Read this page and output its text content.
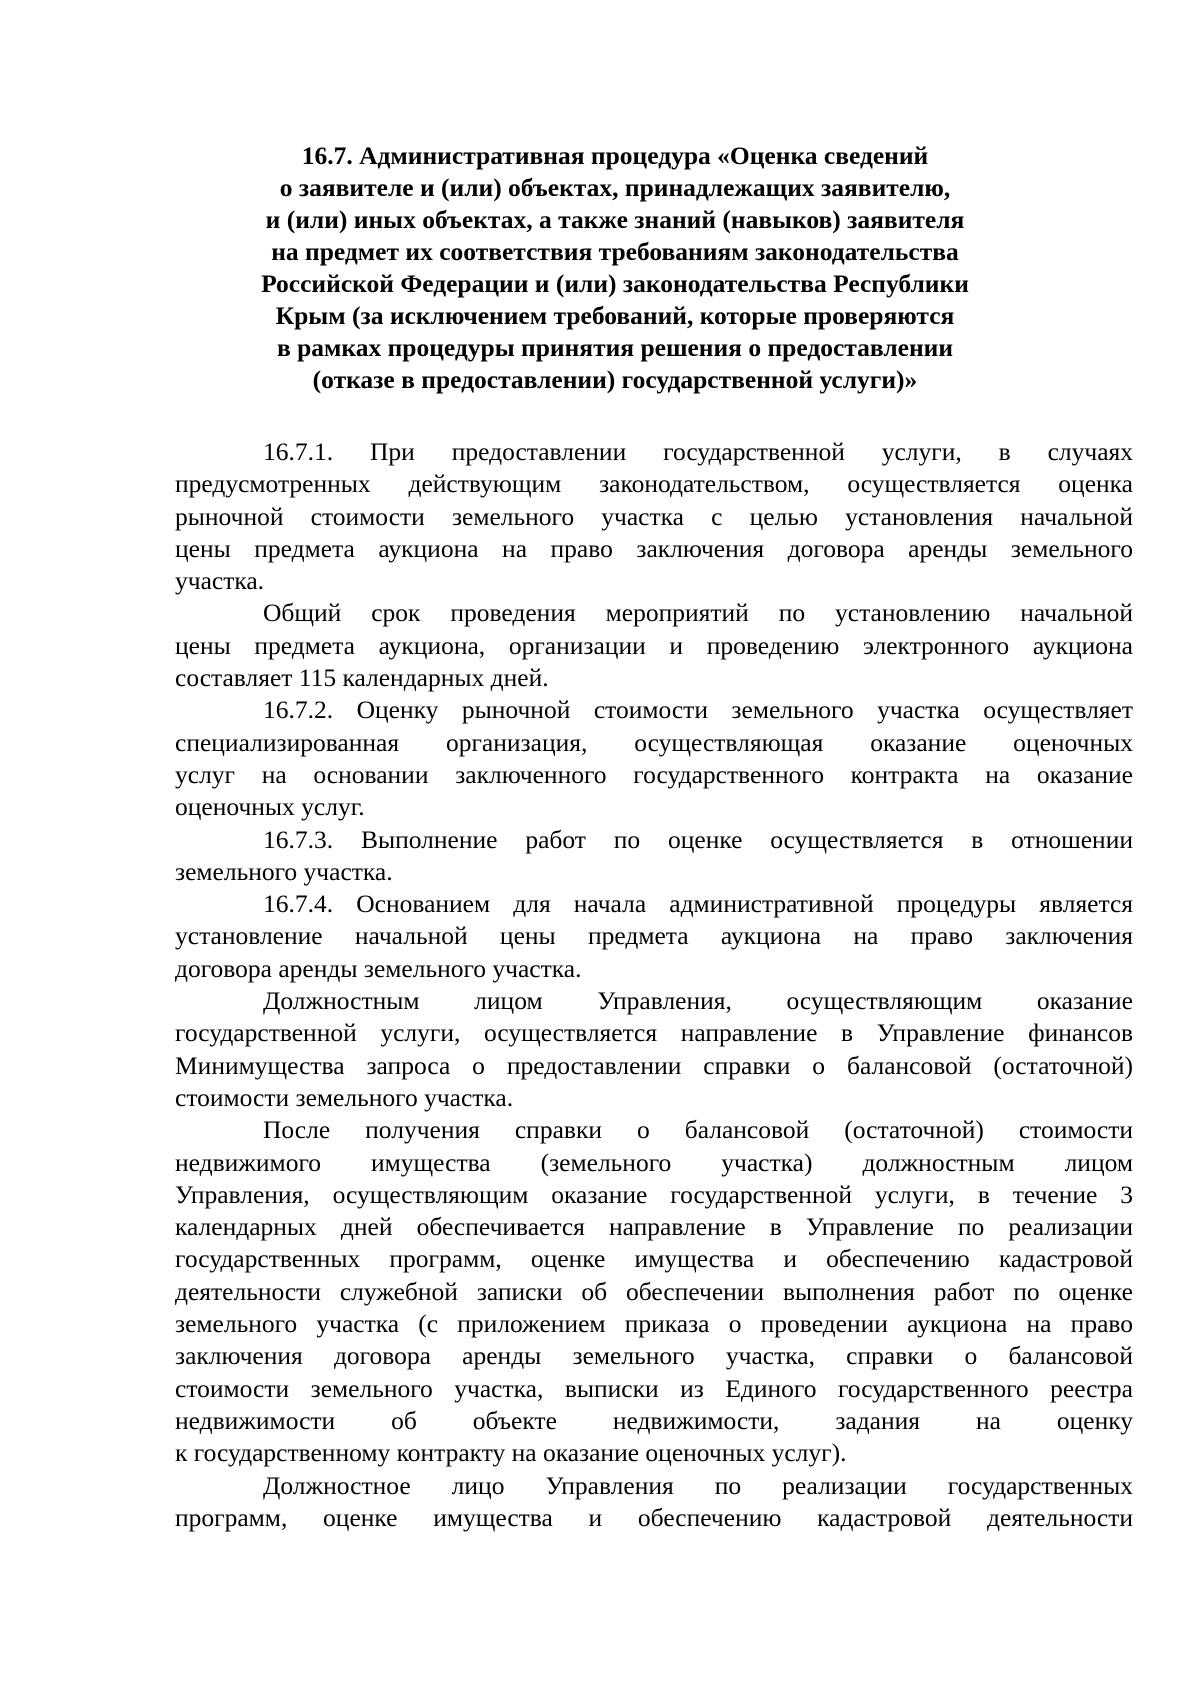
16.7. Административная процедура «Оценка сведений
о заявителе и (или) объектах, принадлежащих заявителю,
и (или) иных объектах, а также знаний (навыков) заявителя
на предмет их соответствия требованиям законодательства
Российской Федерации и (или) законодательства Республики
Крым (за исключением требований, которые проверяются
в рамках процедуры принятия решения о предоставлении
(отказе в предоставлении) государственной услуги)»

16.7.1. При предоставлении государственной услуги, в случаях
предусмотренных действующим законодательством, осуществляется оценка
рыночной стоимости земельного участка с целью установления начальной
цены предмета аукциона на право заключения договора аренды земельного
участка.

Общий срок проведения мероприятий по установлению начальной
цены предмета аукциона, организации и проведению электронного аукциона
составляет 115 календарных дней.

16.7.2. Оценку рыночной стоимости земельного участка осуществляет
специализированная организация, осуществляющая оказание оценочных
услуг на основании заключенного государственного контракта на оказание
оценочных услуг.

16.7.3. Выполнение работ по оценке осуществляется в отношении
земельного участка.

16.7.4. Основанием для начала административной процедуры является
установление начальной цены предмета аукциона на право заключения
договора аренды земельного участка.

Должностным лицом Управления, осуществляющим оказание
государственной услуги, осуществляется направление в Управление финансов
Минимущества запроса о предоставлении справки о балансовой (остаточной)
стоимости земельного участка.

После получения справки о балансовой (остаточной) стоимости
недвижимого имущества (земельного участка) должностным лицом
Управления, осуществляющим оказание государственной услуги, в течение 3
календарных дней обеспечивается направление в Управление по реализации
государственных программ, оценке имущества и обеспечению кадастровой
деятельности служебной записки об обеспечении выполнения работ по оценке
земельного участка (с приложением приказа о проведении аукциона на право
заключения договора аренды земельного участка, справки о балансовой
стоимости земельного участка, выписки из Единого государственного реестра
недвижимости об объекте недвижимости, задания на оценку
к государственному контракту на оказание оценочных услуг).

Должностное лицо Управления по реализации государственных
программ, оценке имущества и обеспечению кадастровой деятельности
